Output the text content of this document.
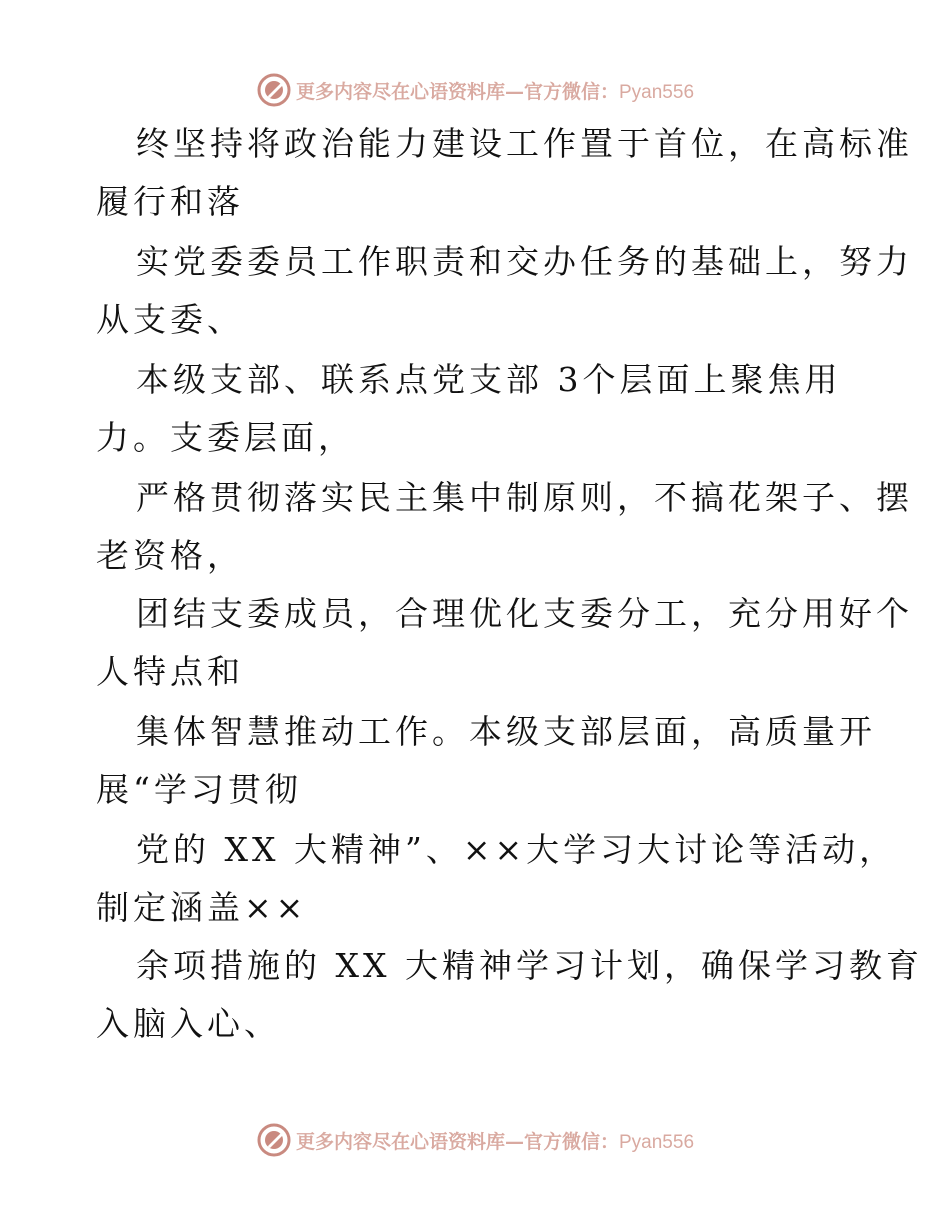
更多内容尽在心语资料库—官方微信：Pyan556
终坚持将政治能力建设工作置于首位，在高标准
履行和落
实党委委员工作职责和交办任务的基础上，努力
从支委、
本级支部、联系点党支部 3个层面上聚焦用
力。支委层面，
严格贯彻落实民主集中制原则，不搞花架子、摆
老资格，
团结支委成员，合理优化支委分工，充分用好个
人特点和
集体智慧推动工作。本级支部层面，高质量开
展“学习贯彻
党的 XX 大精神”、××大学习大讨论等活动，
制定涵盖××
余项措施的 XX 大精神学习计划，确保学习教育
入脑入心、
更多内容尽在心语资料库—官方微信：Pyan556
